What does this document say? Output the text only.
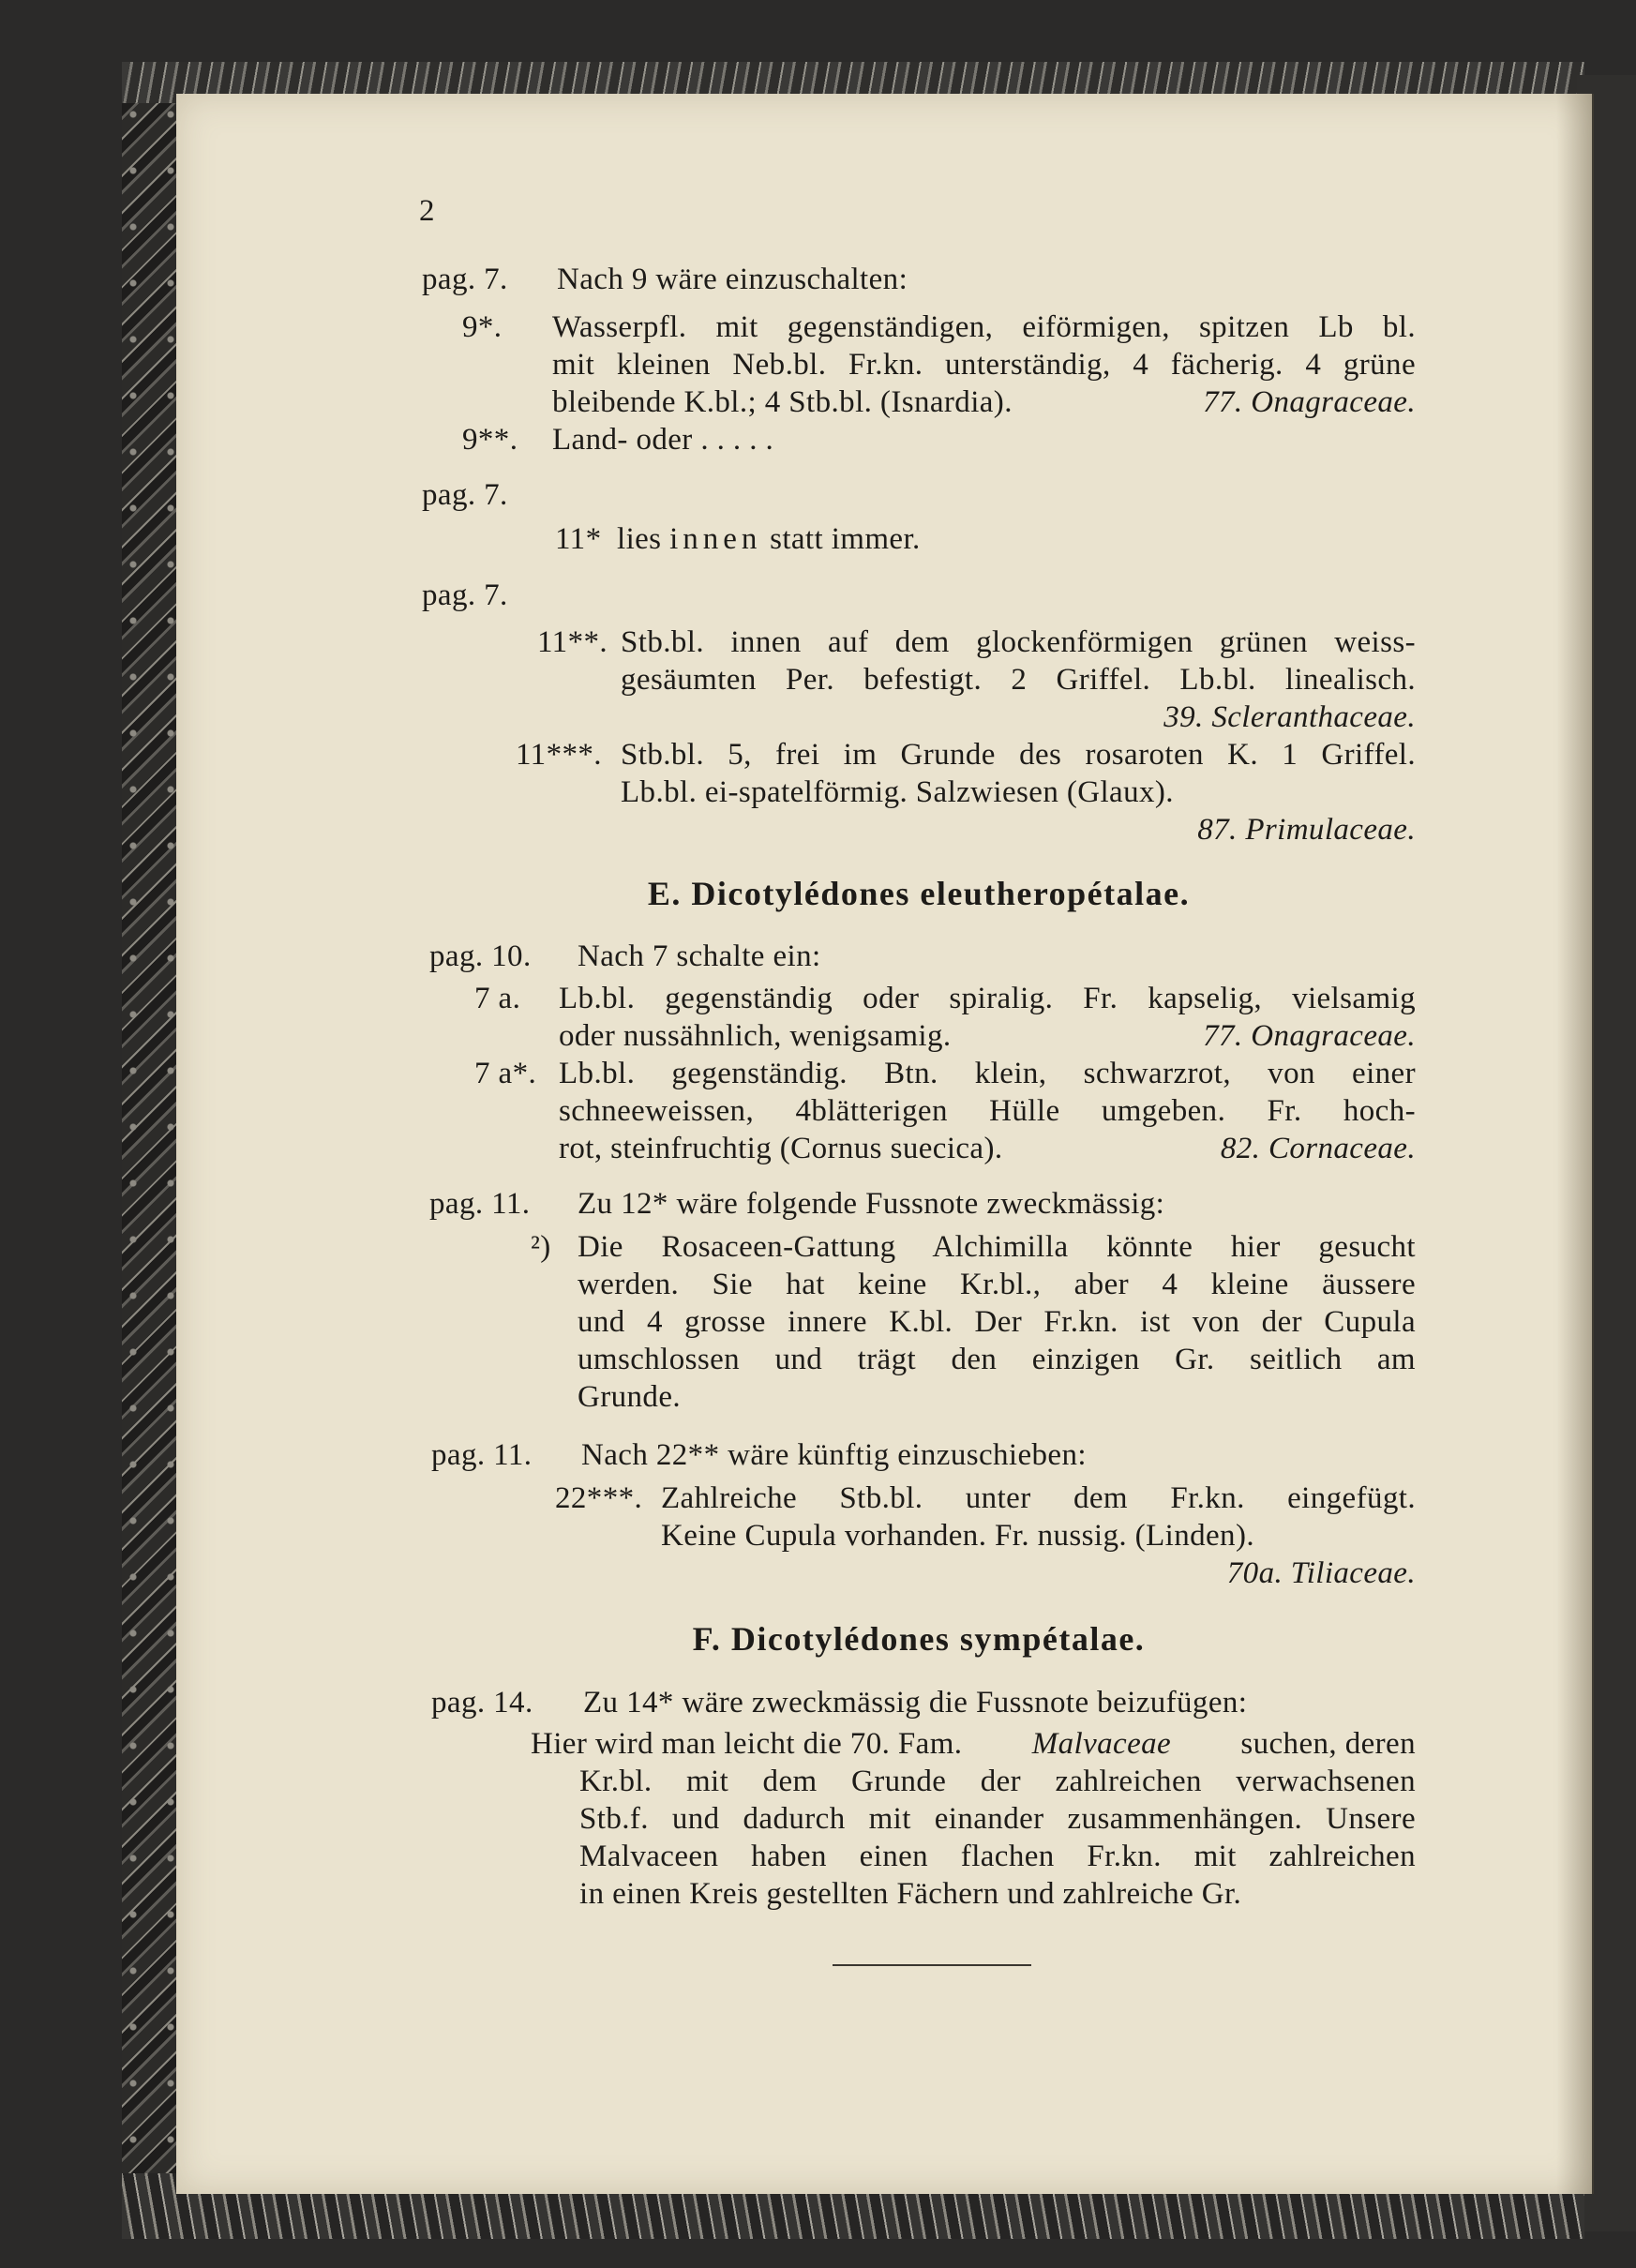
2
pag. 7. Nach 9 wäre einzuschalten:
9*. Wasserpfl. mit gegenständigen, eiförmigen, spitzen Lb bl.
mit kleinen Neb.bl. Fr.kn. unterständig, 4 fächerig. 4 grüne
bleibende K.bl.; 4 Stb.bl. (Isnardia).	77. Onagraceae.
9**. Land- oder . . . . .
pag. 7.
11* lies innen statt immer.
pag. 7.
11**. Stb.bl. innen auf dem glockenförmigen grünen weiss-
gesäumten Per. befestigt. 2 Griffel. Lb.bl. linealisch.
39. Scleranthaceae.
11***. Stb.bl. 5, frei im Grunde des rosaroten K. 1 Griffel.
Lb.bl. ei-spatelförmig. Salzwiesen (Glaux).
87. Primulaceae.
E. Dicotylédones eleutheropétalae.
pag. 10. Nach 7 schalte ein:
7 a. Lb.bl. gegenständig oder spiralig. Fr. kapselig, vielsamig
oder nussähnlich, wenigsamig.	77. Onagraceae.
7 a*. Lb.bl. gegenständig. Btn. klein, schwarzrot, von einer
schneeweissen, 4blätterigen Hülle umgeben. Fr. hoch-
rot, steinfruchtig (Cornus suecica).	82. Cornaceae.
pag. 11. Zu 12* wäre folgende Fussnote zweckmässig:
²) Die Rosaceen-Gattung Alchimilla könnte hier gesucht
werden. Sie hat keine Kr.bl., aber 4 kleine äussere
und 4 grosse innere K.bl. Der Fr.kn. ist von der Cupula
umschlossen und trägt den einzigen Gr. seitlich am
Grunde.
pag. 11. Nach 22** wäre künftig einzuschieben:
22***. Zahlreiche Stb.bl. unter dem Fr.kn. eingefügt.
Keine Cupula vorhanden. Fr. nussig. (Linden).
70a. Tiliaceae.
F. Dicotylédones sympétalae.
pag. 14. Zu 14* wäre zweckmässig die Fussnote beizufügen:
Hier wird man leicht die 70. Fam. Malvaceae suchen, deren
Kr.bl. mit dem Grunde der zahlreichen verwachsenen
Stb.f. und dadurch mit einander zusammenhängen. Unsere
Malvaceen haben einen flachen Fr.kn. mit zahlreichen
in einen Kreis gestellten Fächern und zahlreiche Gr.
